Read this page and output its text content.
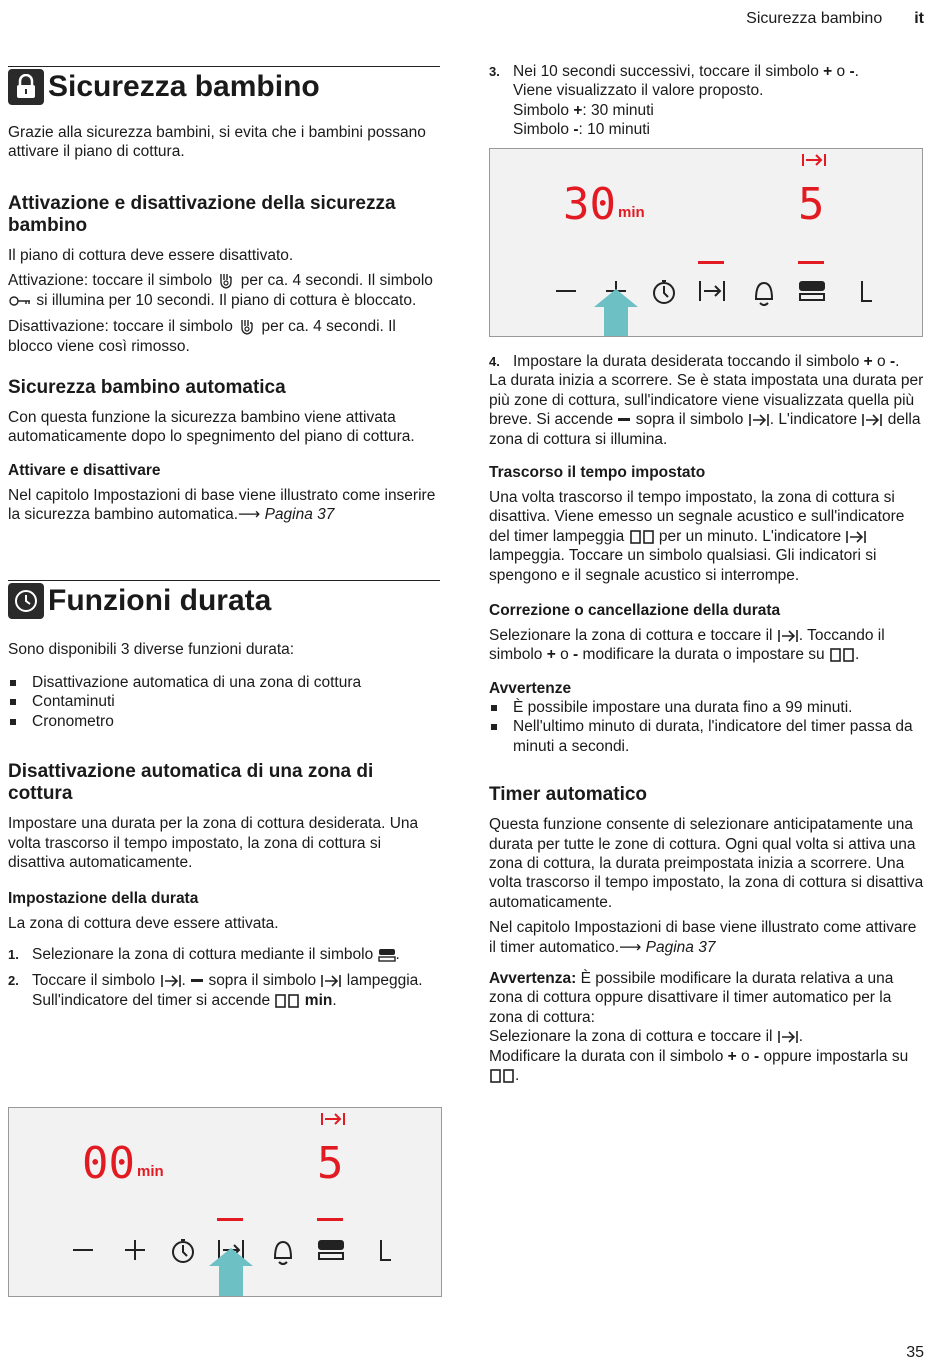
Sicurezza bambino it
Sicurezza bambino

Grazie alla sicurezza bambini, si evita che i bambini possano attivare il piano di cottura.

Attivazione e disattivazione della sicurezza bambino

Il piano di cottura deve essere disattivato.

Attivazione: toccare il simbolo per ca. 4 secondi. Il simbolo  si illumina per 10 secondi. Il piano di cottura è bloccato.

Disattivazione: toccare il simbolo per ca. 4 secondi. Il blocco viene così rimosso.

Sicurezza bambino automatica

Con questa funzione la sicurezza bambino viene attivata automaticamente dopo lo spegnimento del piano di cottura.

Attivare e disattivare

Nel capitolo Impostazioni di base viene illustrato come inserire la sicurezza bambino automatica.⟶ Pagina 37

Funzioni durata

Sono disponibili 3 diverse funzioni durata:

Disattivazione automatica di una zona di cottura
Contaminuti
Cronometro
Disattivazione automatica di una zona di cottura

Impostare una durata per la zona di cottura desiderata. Una volta trascorso il tempo impostato, la zona di cottura si disattiva automaticamente.

Impostazione della durata

La zona di cottura deve essere attivata.

1. Selezionare la zona di cottura mediante il simbolo .
2. Toccare il simbolo .  sopra il simbolo lampeggia. Sull'indicatore del timer si accende min.
00 min	5
3. Nei 10 secondi successivi, toccare il simbolo + o -.
Viene visualizzato il valore proposto.
Simbolo +: 30 minuti
Simbolo -: 10 minuti
30 min	5
4. Impostare la durata desiderata toccando il simbolo + o -.

La durata inizia a scorrere. Se è stata impostata una durata per più zone di cottura, sull'indicatore viene visualizzata quella più breve. Si accende sopra il simbolo . L'indicatore della zona di cottura si illumina.

Trascorso il tempo impostato

Una volta trascorso il tempo impostato, la zona di cottura si disattiva. Viene emesso un segnale acustico e sull'indicatore del timer lampeggia per un minuto. L'indicatore  lampeggia. Toccare un simbolo qualsiasi. Gli indicatori si spengono e il segnale acustico si interrompe.

Correzione o cancellazione della durata

Selezionare la zona di cottura e toccare il . Toccando il simbolo + o - modificare la durata o impostare su .

Avvertenze
È possibile impostare una durata fino a 99 minuti.
Nell'ultimo minuto di durata, l'indicatore del timer passa da minuti a secondi.
Timer automatico

Questa funzione consente di selezionare anticipatamente una durata per tutte le zone di cottura. Ogni qual volta si attiva una zona di cottura, la durata preimpostata inizia a scorrere. Una volta trascorso il tempo impostato, la zona di cottura si disattiva automaticamente.

Nel capitolo Impostazioni di base viene illustrato come attivare il timer automatico.⟶ Pagina 37

Avvertenza: È possibile modificare la durata relativa a una zona di cottura oppure disattivare il timer automatico per la zona di cottura:
Selezionare la zona di cottura e toccare il .
Modificare la durata con il simbolo + o - oppure impostarla su .

35
